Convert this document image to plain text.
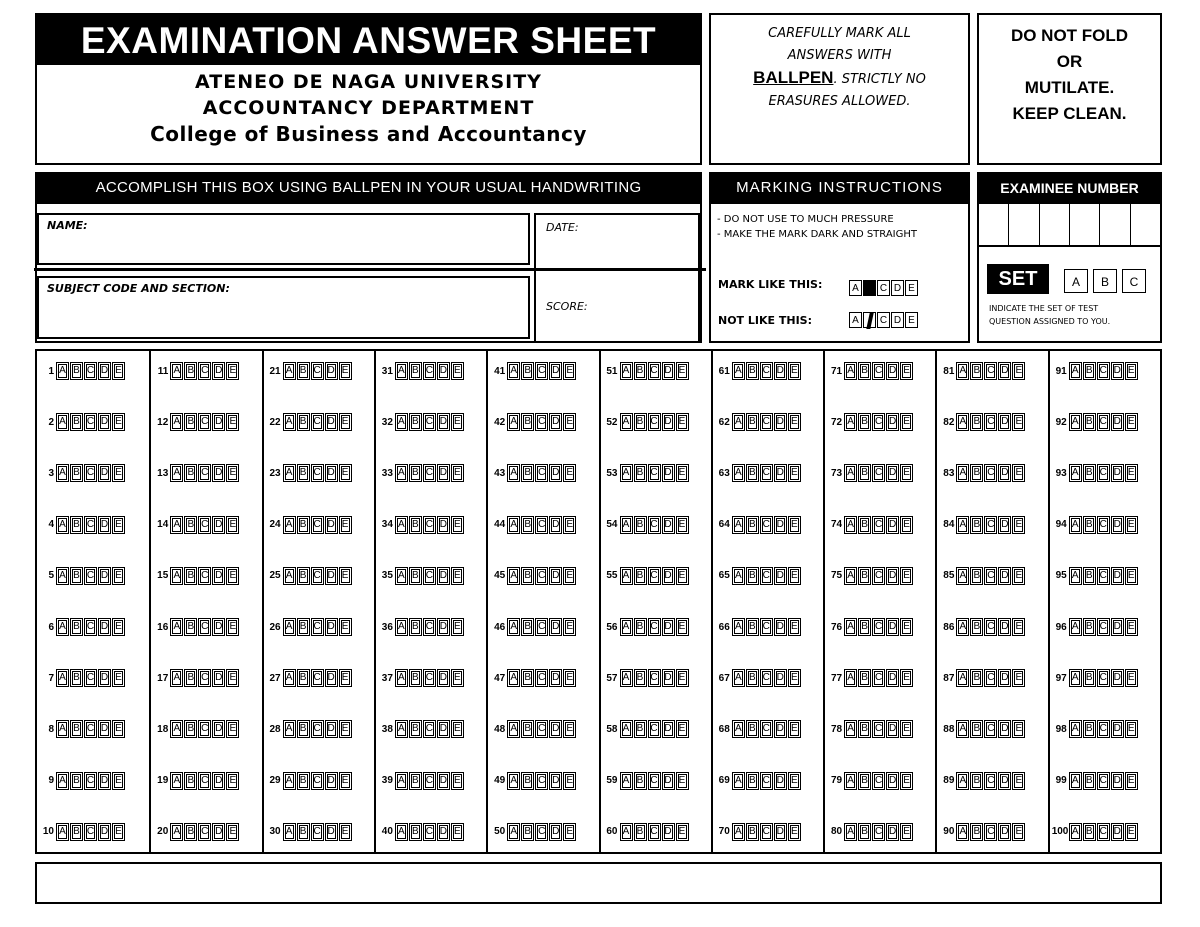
EXAMINATION ANSWER SHEET
ATENEO DE NAGA UNIVERSITY
ACCOUNTANCY DEPARTMENT
College of Business and Accountancy
CAREFULLY MARK ALL
ANSWERS WITH
BALLPEN. STRICTLY NO
ERASURES ALLOWED.
DO NOT FOLD
OR
MUTILATE.
KEEP CLEAN.
ACCOMPLISH THIS BOX USING BALLPEN IN YOUR USUAL HANDWRITING	MARKING INSTRUCTIONS	EXAMINEE NUMBER
NAME:	DATE:
SUBJECT CODE AND SECTION:
SCORE:
- DO NOT USE TO MUCH PRESSURE
- MAKE THE MARK DARK AND STRAIGHT
MARK LIKE THIS:	A	C D E
NOT LIKE THIS:	A	C D E
SET	A	B	C
INDICATE THE SET OF TEST
QUESTION ASSIGNED TO YOU.
1 A B C D E
2 A B C D E
3 A B C D E
4 A B C D E
5 A B C D E
6 A B C D E
7 A B C D E
8 A B C D E
9 A B C D E
10 A B C D E
11 A B C D E
12 A B C D E
13 A B C D E
14 A B C D E
15 A B C D E
16 A B C D E
17 A B C D E
18 A B C D E
19 A B C D E
20 A B C D E
21 A B C D E
22 A B C D E
23 A B C D E
24 A B C D E
25 A B C D E
26 A B C D E
27 A B C D E
28 A B C D E
29 A B C D E
30 A B C D E
31 A B C D E
32 A B C D E
33 A B C D E
34 A B C D E
35 A B C D E
36 A B C D E
37 A B C D E
38 A B C D E
39 A B C D E
40 A B C D E
41 A B C D E
42 A B C D E
43 A B C D E
44 A B C D E
45 A B C D E
46 A B C D E
47 A B C D E
48 A B C D E
49 A B C D E
50 A B C D E
51 A B C D E
52 A B C D E
53 A B C D E
54 A B C D E
55 A B C D E
56 A B C D E
57 A B C D E
58 A B C D E
59 A B C D E
60 A B C D E
61 A B C D E
62 A B C D E
63 A B C D E
64 A B C D E
65 A B C D E
66 A B C D E
67 A B C D E
68 A B C D E
69 A B C D E
70 A B C D E
71 A B C D E
72 A B C D E
73 A B C D E
74 A B C D E
75 A B C D E
76 A B C D E
77 A B C D E
78 A B C D E
79 A B C D E
80 A B C D E
81 A B C D E
82 A B C D E
83 A B C D E
84 A B C D E
85 A B C D E
86 A B C D E
87 A B C D E
88 A B C D E
89 A B C D E
90 A B C D E
91 A B C D E
92 A B C D E
93 A B C D E
94 A B C D E
95 A B C D E
96 A B C D E
97 A B C D E
98 A B C D E
99 A B C D E
100 A B C D E
